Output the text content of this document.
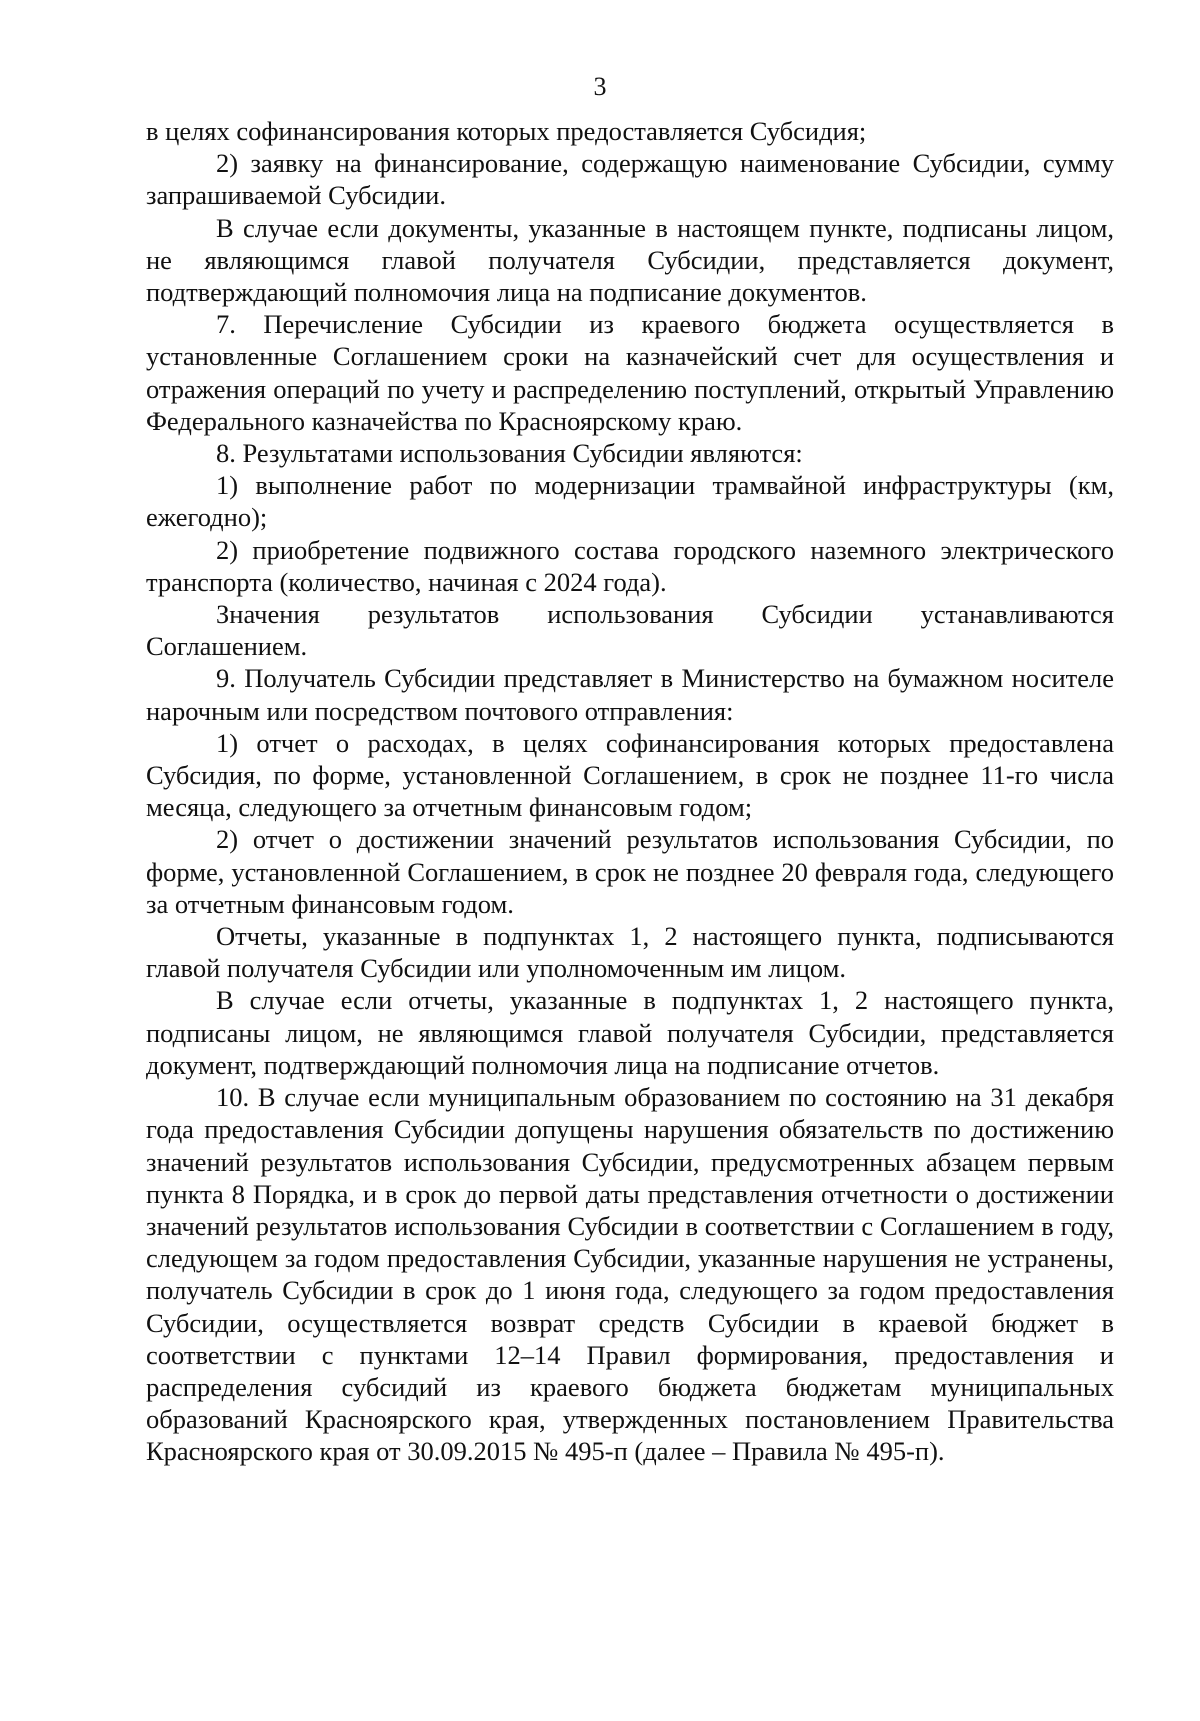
3

в целях софинансирования которых предоставляется Субсидия;

2) заявку на финансирование, содержащую наименование Субсидии, сумму запрашиваемой Субсидии.

В случае если документы, указанные в настоящем пункте, подписаны лицом, не являющимся главой получателя Субсидии, представляется документ, подтверждающий полномочия лица на подписание документов.

7. Перечисление Субсидии из краевого бюджета осуществляется в установленные Соглашением сроки на казначейский счет для осуществления и отражения операций по учету и распределению поступлений, открытый Управлению Федерального казначейства по Красноярскому краю.

8. Результатами использования Субсидии являются:

1) выполнение работ по модернизации трамвайной инфраструктуры (км, ежегодно);

2) приобретение подвижного состава городского наземного электрического транспорта (количество, начиная с 2024 года).

Значения результатов использования Субсидии устанавливаются Соглашением.

9. Получатель Субсидии представляет в Министерство на бумажном носителе нарочным или посредством почтового отправления:

1) отчет о расходах, в целях софинансирования которых предоставлена Субсидия, по форме, установленной Соглашением, в срок не позднее 11-го числа месяца, следующего за отчетным финансовым годом;

2) отчет о достижении значений результатов использования Субсидии, по форме, установленной Соглашением, в срок не позднее 20 февраля года, следующего за отчетным финансовым годом.

Отчеты, указанные в подпунктах 1, 2 настоящего пункта, подписываются главой получателя Субсидии или уполномоченным им лицом.

В случае если отчеты, указанные в подпунктах 1, 2 настоящего пункта, подписаны лицом, не являющимся главой получателя Субсидии, представляется документ, подтверждающий полномочия лица на подписание отчетов.

10. В случае если муниципальным образованием по состоянию на 31 декабря года предоставления Субсидии допущены нарушения обязательств по достижению значений результатов использования Субсидии, предусмотренных абзацем первым пункта 8 Порядка, и в срок до первой даты представления отчетности о достижении значений результатов использования Субсидии в соответствии с Соглашением в году, следующем за годом предоставления Субсидии, указанные нарушения не устранены, получатель Субсидии в срок до 1 июня года, следующего за годом предоставления Субсидии, осуществляется возврат средств Субсидии в краевой бюджет в соответствии с пунктами 12–14 Правил формирования, предоставления и распределения субсидий из краевого бюджета бюджетам муниципальных образований Красноярского края, утвержденных постановлением Правительства Красноярского края от 30.09.2015 № 495-п (далее – Правила № 495-п).
